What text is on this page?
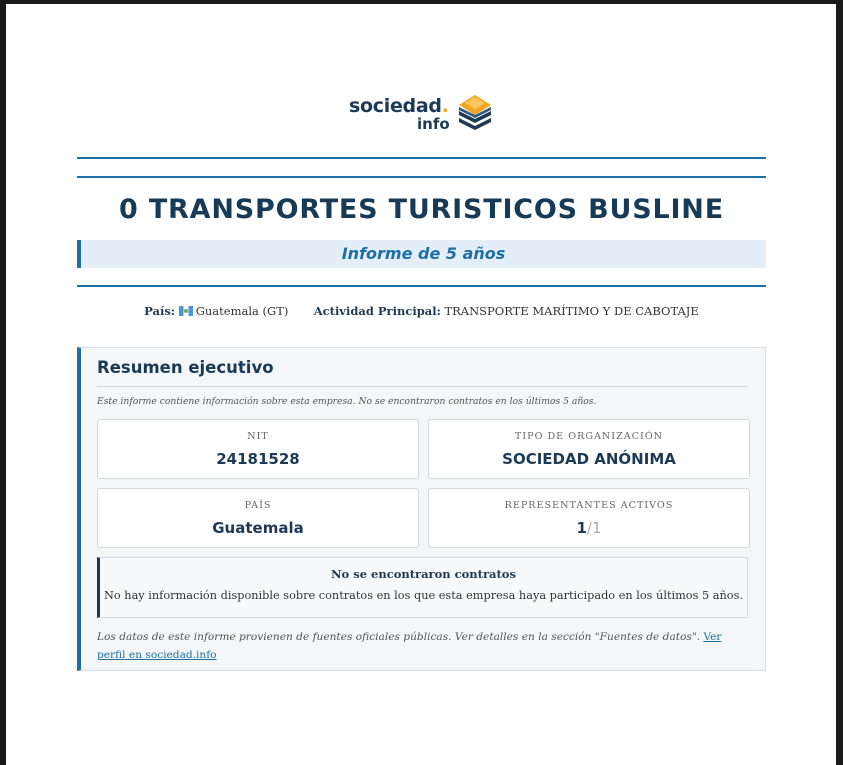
sociedad.
info
0 TRANSPORTES TURISTICOS BUSLINE
Informe de 5 años
País: Guatemala (GT) Actividad Principal: TRANSPORTE MARÍTIMO Y DE CABOTAJE
Resumen ejecutivo
Este informe contiene información sobre esta empresa. No se encontraron contratos en los últimos 5 años.
NIT
24181528
TIPO DE ORGANIZACIÓN
SOCIEDAD ANÓNIMA
PAÍS
Guatemala
REPRESENTANTES ACTIVOS
1/1
No se encontraron contratos
No hay información disponible sobre contratos en los que esta empresa haya participado en los últimos 5 años.
Los datos de este informe provienen de fuentes oficiales públicas. Ver detalles en la sección "Fuentes de datos". Ver perfil en sociedad.info
